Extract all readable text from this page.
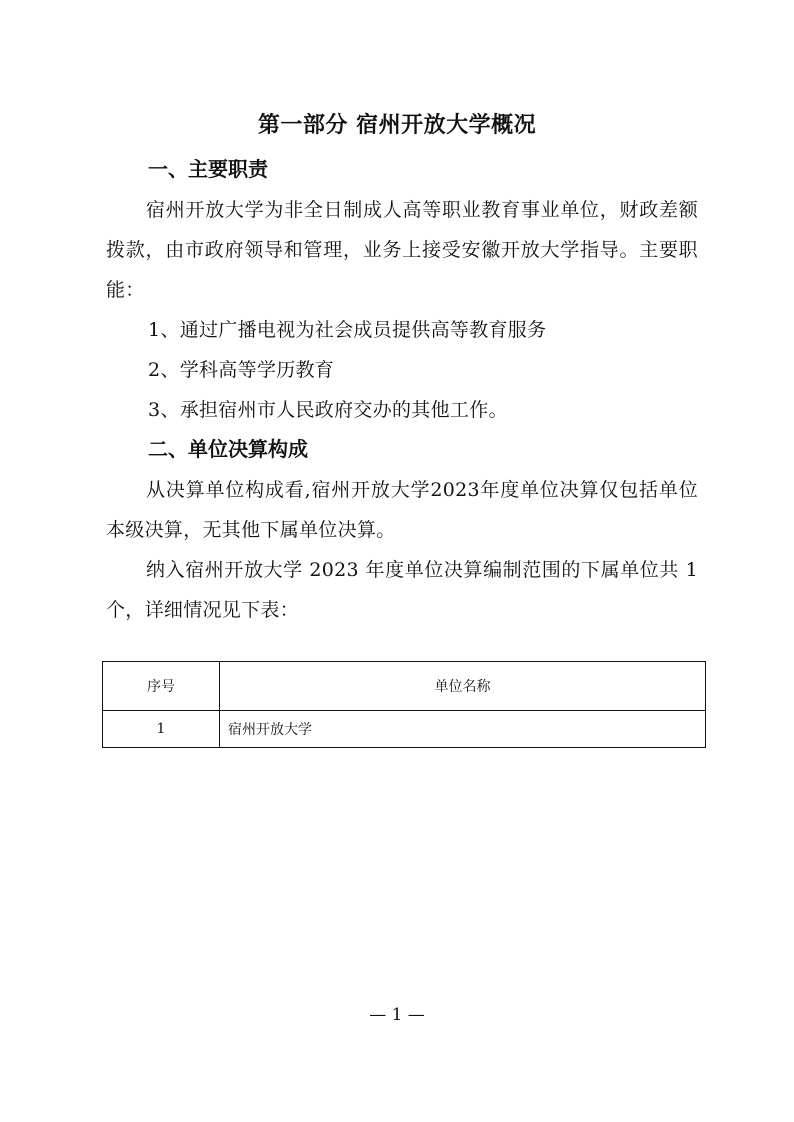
第一部分 宿州开放大学概况
一、主要职责
宿州开放大学为非全日制成人高等职业教育事业单位，财政差额拨款，由市政府领导和管理，业务上接受安徽开放大学指导。主要职能：
1、通过广播电视为社会成员提供高等教育服务
2、学科高等学历教育
3、承担宿州市人民政府交办的其他工作。
二、单位决算构成
从决算单位构成看,宿州开放大学2023年度单位决算仅包括单位本级决算，无其他下属单位决算。
纳入宿州开放大学 2023 年度单位决算编制范围的下属单位共 1 个，详细情况见下表：
序号	单位名称
1	宿州开放大学
— 1 —
